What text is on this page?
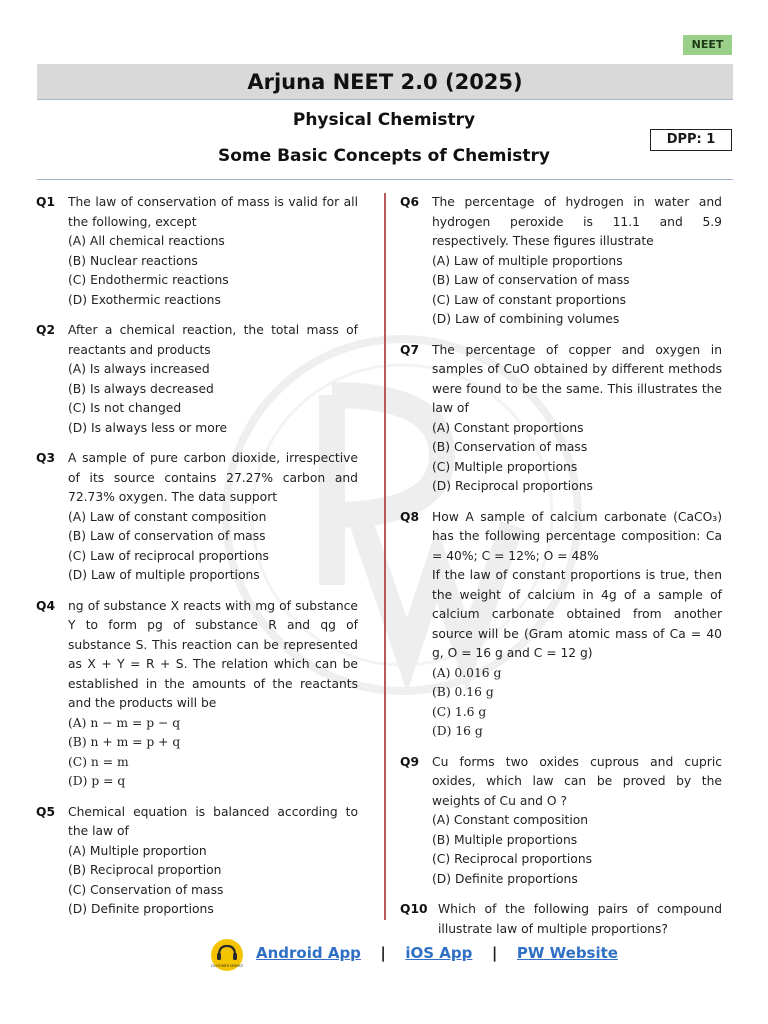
NEET
Arjuna NEET 2.0 (2025)
Physical Chemistry
Some Basic Concepts of Chemistry
DPP: 1
Q1	The law of conservation of mass is valid for all the following, except
(A) All chemical reactions
(B) Nuclear reactions
(C) Endothermic reactions
(D) Exothermic reactions
Q2	After a chemical reaction, the total mass of reactants and products
(A) Is always increased
(B) Is always decreased
(C) Is not changed
(D) Is always less or more
Q3	A sample of pure carbon dioxide, irrespective of its source contains 27.27% carbon and 72.73% oxygen. The data support
(A) Law of constant composition
(B) Law of conservation of mass
(C) Law of reciprocal proportions
(D) Law of multiple proportions
Q4	ng of substance X reacts with mg of substance Y to form pg of substance R and qg of substance S. This reaction can be represented as X + Y = R + S. The relation which can be established in the amounts of the reactants and the products will be
(A) n − m = p − q
(B) n + m = p + q
(C) n = m
(D) p = q
Q5	Chemical equation is balanced according to the law of
(A) Multiple proportion
(B) Reciprocal proportion
(C) Conservation of mass
(D) Definite proportions
Q6	The percentage of hydrogen in water and hydrogen peroxide is 11.1 and 5.9 respectively. These figures illustrate
(A) Law of multiple proportions
(B) Law of conservation of mass
(C) Law of constant proportions
(D) Law of combining volumes
Q7	The percentage of copper and oxygen in samples of CuO obtained by different methods were found to be the same. This illustrates the law of
(A) Constant proportions
(B) Conservation of mass
(C) Multiple proportions
(D) Reciprocal proportions
Q8	How A sample of calcium carbonate (CaCO₃) has the following percentage composition: Ca = 40%; C = 12%; O = 48%
If the law of constant proportions is true, then the weight of calcium in 4g of a sample of calcium carbonate obtained from another source will be (Gram atomic mass of Ca = 40 g, O = 16 g and C = 12 g)
(A) 0.016 g
(B) 0.16 g
(C) 1.6 g
(D) 16 g
Q9	Cu forms two oxides cuprous and cupric oxides, which law can be proved by the weights of Cu and O ?
(A) Constant composition
(B) Multiple proportions
(C) Reciprocal proportions
(D) Definite proportions
Q10 Which of the following pairs of compound illustrate law of multiple proportions?
CUSTOMER SERVICE
Android App | iOS App | PW Website
